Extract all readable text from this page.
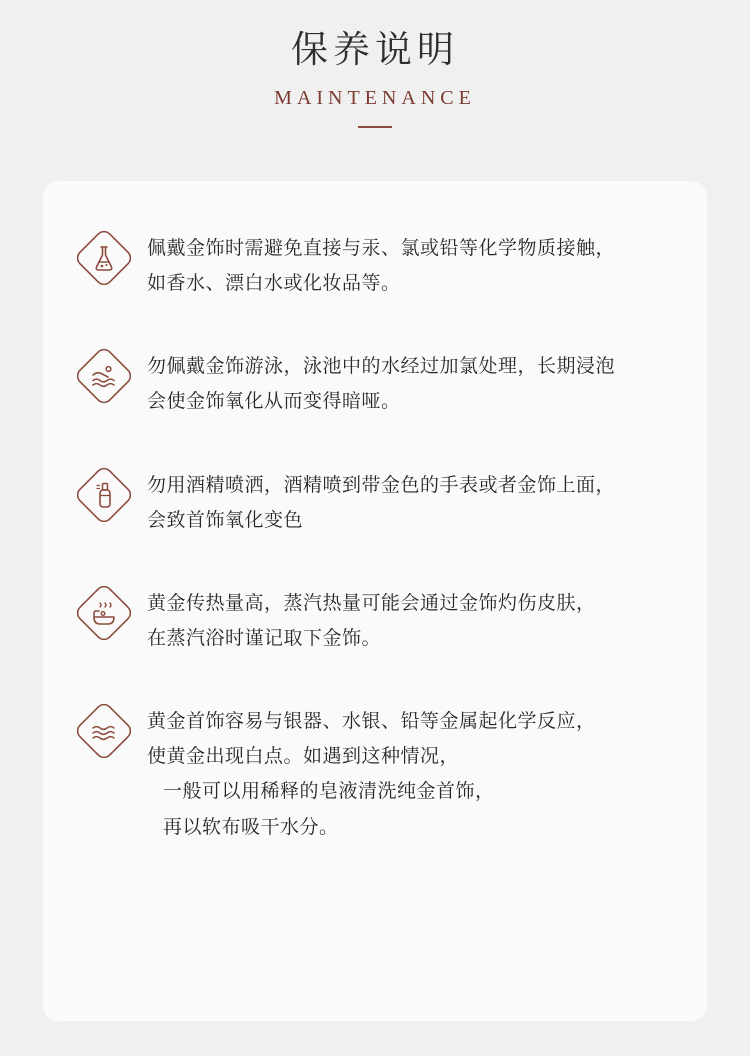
保养说明
MAINTENANCE
佩戴金饰时需避免直接与汞、氯或铅等化学物质接触，
如香水、漂白水或化妆品等。
勿佩戴金饰游泳，泳池中的水经过加氯处理，长期浸泡
会使金饰氧化从而变得暗哑。
勿用酒精喷洒，酒精喷到带金色的手表或者金饰上面，
会致首饰氧化变色
黄金传热量高，蒸汽热量可能会通过金饰灼伤皮肤，
在蒸汽浴时谨记取下金饰。
黄金首饰容易与银器、水银、铅等金属起化学反应，
使黄金出现白点。如遇到这种情况，
一般可以用稀释的皂液清洗纯金首饰，
再以软布吸干水分。
